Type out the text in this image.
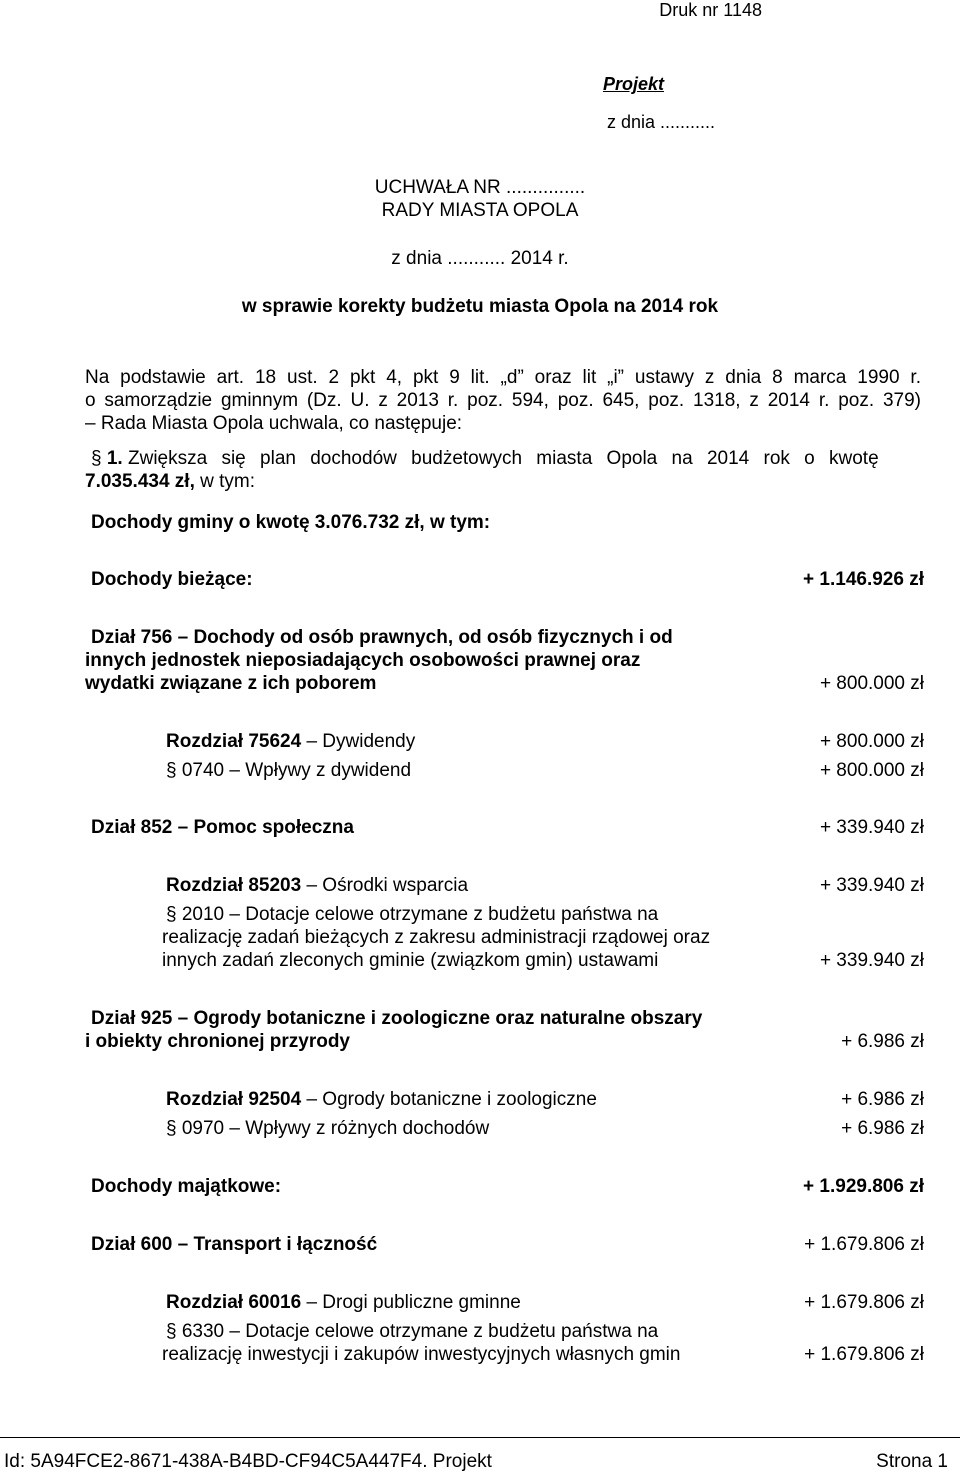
Druk nr 1148
Projekt
z dnia ...........
UCHWAŁA NR ...............
RADY MIASTA OPOLA
z dnia ........... 2014 r.
w sprawie korekty budżetu miasta Opola na 2014 rok
Na podstawie art. 18 ust. 2 pkt 4, pkt 9 lit. „d” oraz lit „i” ustawy z dnia 8 marca 1990 r.
o samorządzie gminnym (Dz. U. z 2013 r. poz. 594, poz. 645, poz. 1318, z 2014 r. poz. 379)
– Rada Miasta Opola uchwala, co następuje:
§ 1. Zwiększa się plan dochodów budżetowych miasta Opola na 2014 rok o kwotę
7.035.434 zł, w tym:
Dochody gminy o kwotę 3.076.732 zł, w tym:
Dochody bieżące:	+ 1.146.926 zł
Dział 756 – Dochody od osób prawnych, od osób fizycznych i od
innych jednostek nieposiadających osobowości prawnej oraz
wydatki związane z ich poborem	+ 800.000 zł
Rozdział 75624 – Dywidendy	+ 800.000 zł
§ 0740 – Wpływy z dywidend	+ 800.000 zł
Dział 852 – Pomoc społeczna	+ 339.940 zł
Rozdział 85203 – Ośrodki wsparcia	+ 339.940 zł
§ 2010 – Dotacje celowe otrzymane z budżetu państwa na
realizację zadań bieżących z zakresu administracji rządowej oraz
innych zadań zleconych gminie (związkom gmin) ustawami	+ 339.940 zł
Dział 925 – Ogrody botaniczne i zoologiczne oraz naturalne obszary
i obiekty chronionej przyrody	+ 6.986 zł
Rozdział 92504 – Ogrody botaniczne i zoologiczne	+ 6.986 zł
§ 0970 – Wpływy z różnych dochodów	+ 6.986 zł
Dochody majątkowe:	+ 1.929.806 zł
Dział 600 – Transport i łączność	+ 1.679.806 zł
Rozdział 60016 – Drogi publiczne gminne	+ 1.679.806 zł
§ 6330 – Dotacje celowe otrzymane z budżetu państwa na
realizację inwestycji i zakupów inwestycyjnych własnych gmin	+ 1.679.806 zł
Id: 5A94FCE2-8671-438A-B4BD-CF94C5A447F4. Projekt	Strona 1
